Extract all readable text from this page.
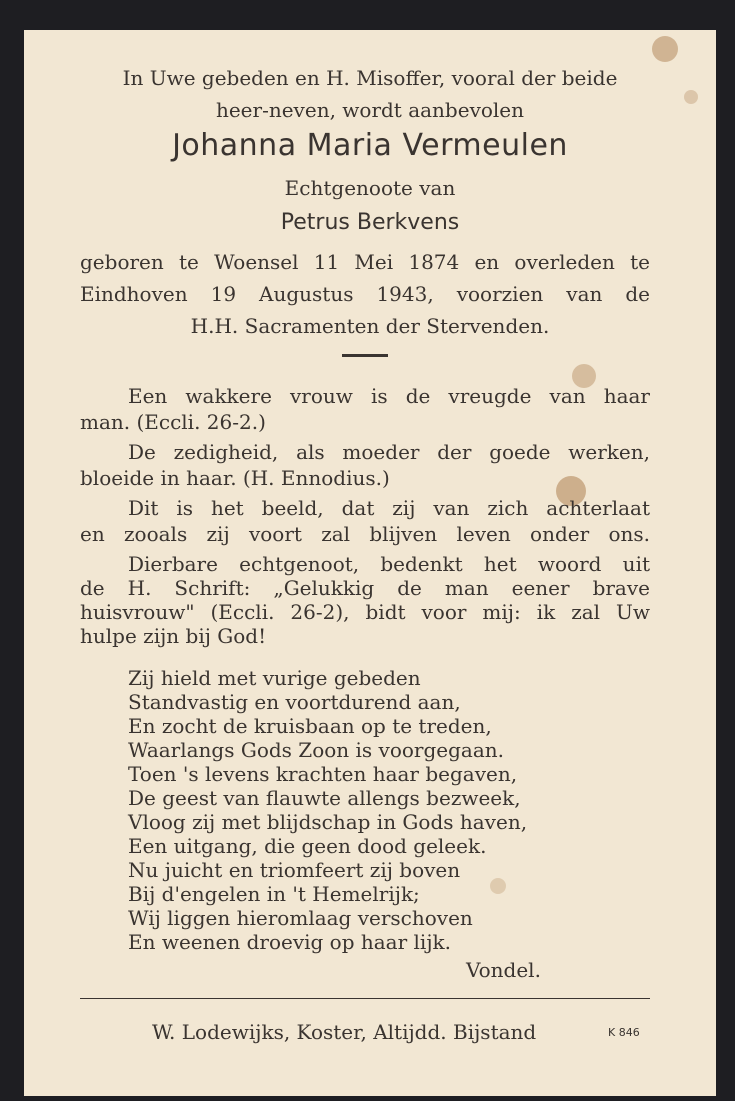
In Uwe gebeden en H. Misoffer, vooral der beide
heer-neven, wordt aanbevolen
Johanna Maria Vermeulen
Echtgenoote van
Petrus Berkvens
geboren te Woensel 11 Mei 1874 en overleden te
Eindhoven 19 Augustus 1943, voorzien van de
H.H. Sacramenten der Stervenden.
Een wakkere vrouw is de vreugde van haar
man. (Eccli. 26-2.)
De zedigheid, als moeder der goede werken,
bloeide in haar. (H. Ennodius.)
Dit is het beeld, dat zij van zich achterlaat
en zooals zij voort zal blijven leven onder ons.
Dierbare echtgenoot, bedenkt het woord uit
de H. Schrift: „Gelukkig de man eener brave
huisvrouw" (Eccli. 26-2), bidt voor mij: ik zal Uw
hulpe zijn bij God!
Zij hield met vurige gebeden
Standvastig en voortdurend aan,
En zocht de kruisbaan op te treden,
Waarlangs Gods Zoon is voorgegaan.
Toen 's levens krachten haar begaven,
De geest van flauwte allengs bezweek,
Vloog zij met blijdschap in Gods haven,
Een uitgang, die geen dood geleek.
Nu juicht en triomfeert zij boven
Bij d'engelen in 't Hemelrijk;
Wij liggen hieromlaag verschoven
En weenen droevig op haar lijk.
Vondel.
W. Lodewijks, Koster, Altijdd. Bijstand	K 846
